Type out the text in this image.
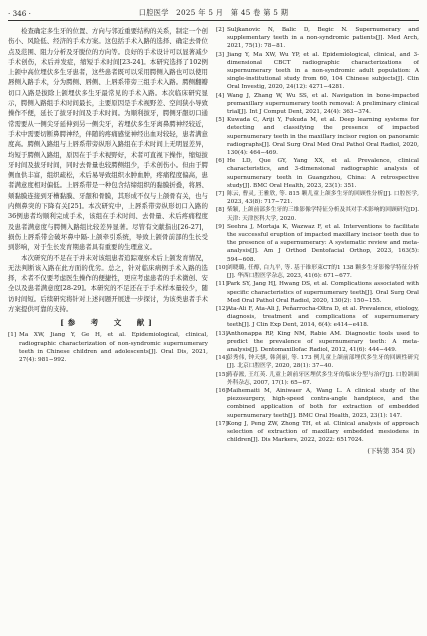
· 346 ·	口腔医学　2025 年 5 月　第 45 卷 第 5 期

检查确定多生牙的位置、方向与邻近重要结构的关系，制定一个创伤小、风险低、经济的手术方案。这包括手术入路的选择、确定去骨位点及范围、阻力分析及牙脱位的方向等。良好的手术设计可以显著减少手术创伤，术后并发症，缩短手术时间[23-24]。本研究选择了102例上颌中高位埋伏多生牙患者，这些患者既可以采用腭侧入路也可以使用唇侧入路手术，分为腭侧、唇侧、上唇系带旁三组手术入路。腭侧翻瓣切口入路是拔除上颌埋伏多生牙最常见的手术入路。本次临床研究显示，腭侧入路组手术时间最长，主要原因是手术视野差、空间狭小导致操作不便，延长了拔牙时间及手术时间。为顺利拔牙，腭侧牙龈切口通常需要从一侧尖牙延伸到另一侧尖牙，若埋伏多生牙离鼻腭神经较近，手术中需要切断鼻腭神经，伴随的疼痛感觉神经出血对较轻，患者满意度高。腭侧入路组与上唇系带旁纵形入路组在手术时间上无明显差异，均短于腭侧入路组，原因在于手术视野好，术者可直视下操作，缩短拔牙时间及拔牙时间，同时去骨量也较腭侧组少，手术创伤小。但由于腭侧血供丰富，组织疏松，术后易导致组织水肿血肿，疼痛程度偏高，患者满意度相对偏低。上唇系带是一种包含结缔组织的黏膜折叠，将唇、颊黏膜连接到牙槽黏膜、牙龈和骨膜，其形成不仅与上颌骨有关，也与内侧鼻突的下降有关[25]。本次研究中，上唇系带旁纵形切口入路的36例患者均顺利完成手术，该组在手术时间、去骨量、术后疼痛程度及患者满意度与腭侧入路组比较差异显著。尽管有文献指出[26-27]，损伤上唇系带会破坏鼻中隔-上颌牵引系统，导致上颌骨前部的生长受到影响，对于生长发育期患者具有重要的生理意义。

本次研究的不足在于并未对该组患者追踪观察术后上颌发育情况，无法判断该入路在此方面的优劣。总之，针对临床病例手术入路的选择，术者不仅要考虑医生操作的便捷性，更应考虑患者的手术微创、安全以及患者满意度[28-29]。本研究的不足还在于手术样本量较少，随访时间短。后续研究将针对上述问题开展进一步探讨，为该类患者手术方案提供可靠的支持。

[参　考　文　献]
[1] Ma XW, Jiang Y, Ge H, et al. Epidemiological, clinical, radiographic characterization of non-syndromic supernumerary teeth in Chinese children and adolescents[J]. Oral Dis, 2021, 27(4): 981−992.
[2] Suljkanovic N, Balic D, Begic N. Supernumerary and supplementary teeth in a non-syndromic patients[J]. Med Arch, 2021, 75(1): 78−81.
[3] Jiang Y, Ma XW, Wu YP, et al. Epidemiological, clinical, and 3-dimensional CBCT radiographic characterizations of supernumerary teeth in a non-syndromic adult population: A single-institutional study from 60, 104 Chinese subjects[J]. Clin Oral Investig, 2020, 24(12): 4271−4281.
[4] Wang J, Zhang W, Wu SS, et al. Navigation in bone-impacted premaxillary supernumerary tooth removal: A preliminary clinical trial[J]. Int J Comput Dent, 2021, 24(4): 363−374.
[5] Kuwada C, Ariji Y, Fukuda M, et al. Deep learning systems for detecting and classifying the presence of impacted supernumerary teeth in the maxillary incisor region on panoramic radiographs[J]. Oral Surg Oral Med Oral Pathol Oral Radiol, 2020, 130(4): 464−469.
[6] He LD, Que GY, Yang XX, et al. Prevalence, clinical characteristics, and 3-dimensional radiographic analysis of supernumerary teeth in Guangzhou, China: A retrospective study[J]. BMC Oral Health, 2023, 23(1): 351.
[7] 陈云, 曹灵, 王雅欣, 等. 815 颗儿童上颌多生牙的回顾性分析[J]. 口腔医学, 2023, 43(8): 717−721.
[8] 柴颖, 上颌前部多生牙的三维影像学特征分析及其对手术影响的回顾研究[D]. 天津: 天津医科大学, 2020.
[9] Seehra J, Mortaja K, Wazwaz F, et al. Interventions to facilitate the successful eruption of impacted maxillary incisor teeth due to the presence of a supernumerary: A systematic review and meta-analysis[J]. Am J Orthod Dentofacial Orthop, 2023, 163(5): 594−608.
[10] 刘晓璐, 任醇, 白九平, 等. 基于锥形束CT的1 138 颗多生牙影像学特征分析[J]. 华西口腔医学杂志, 2023, 41(6): 671−677.
[11] Park SY, Jang HJ, Hwang DS, et al. Complications associated with specific characteristics of supernumerary teeth[J]. Oral Surg Oral Med Oral Pathol Oral Radiol, 2020, 130(2): 150−155.
[12] Ata-Ali F, Ata-Ali J, Peñarrocha-Oltra D, et al. Prevalence, etiology, diagnosis, treatment and complications of supernumerary teeth[J]. J Clin Exp Dent, 2014, 6(4): e414−e418.
[13] Anthonappa RP, King NM, Rabie AM. Diagnostic tools used to predict the prevalence of supernumerary teeth: A meta-analysis[J]. Dentomaxillofac Radiol, 2012, 41(6): 444−449.
[14] 彭秀伟, 钟天骐, 韩剑丽, 等. 173 例儿童上颌前部埋伏多生牙的回顾性研究[J]. 北京口腔医学, 2020, 28(1): 37−40.
[15] 蒋春淞, 王红英. 儿童上颌前牙区埋伏多生牙的临床分型与治疗[J]. 口腔颌面外科杂志, 2007, 17(1): 65−67.
[16] Maihemaiti M, Ainiwaer A, Wang L. A clinical study of the piezosurgery, high-speed contra-angle handpiece, and the combined application of both for extraction of embedded supernumerary teeth[J]. BMC Oral Health, 2023, 23(1): 147.
[17] Kong J, Peng ZW, Zhong TH, et al. Clinical analysis of approach selection of extraction of maxillary embedded mesiodens in children[J]. Dis Markers, 2022, 2022: 6517024.
(下转第 354 页)
